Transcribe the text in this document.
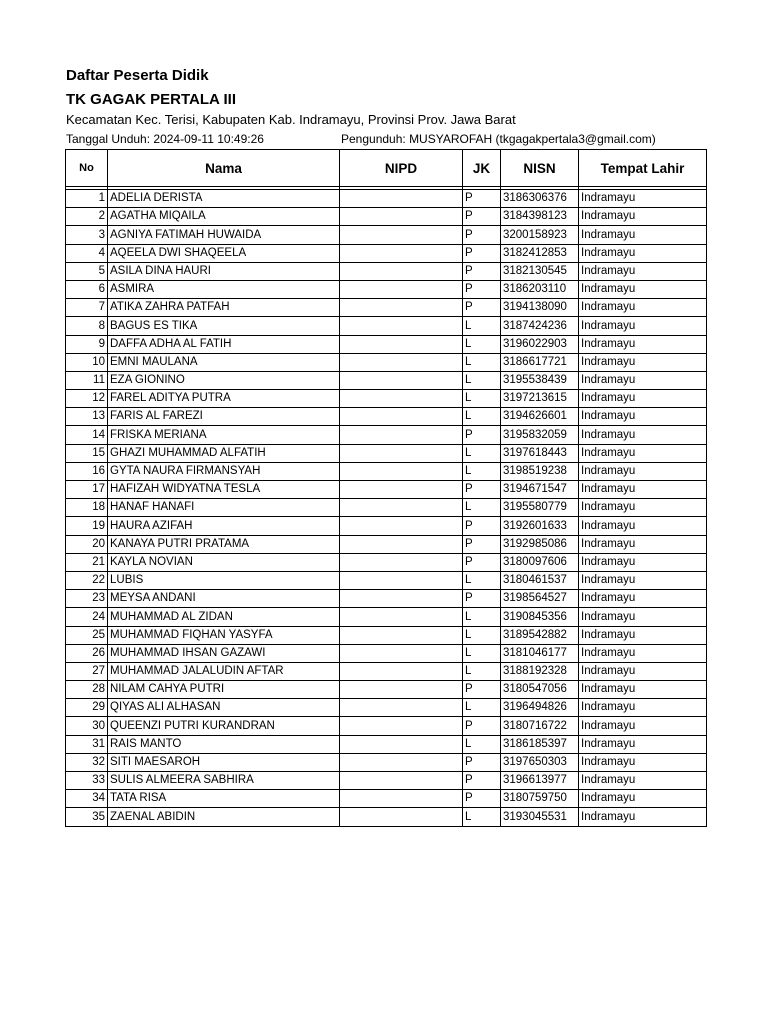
Daftar Peserta Didik
TK GAGAK PERTALA III
Kecamatan Kec. Terisi, Kabupaten Kab. Indramayu, Provinsi Prov. Jawa Barat
Tanggal Unduh: 2024-09-11 10:49:26	Pengunduh: MUSYAROFAH (tkgagakpertala3@gmail.com)
No	Nama	NIPD	JK	NISN	Tempat Lahir

1	ADELIA DERISTA		P	3186306376	Indramayu
2	AGATHA MIQAILA		P	3184398123	Indramayu
3	AGNIYA FATIMAH HUWAIDA		P	3200158923	Indramayu
4	AQEELA DWI SHAQEELA		P	3182412853	Indramayu
5	ASILA DINA HAURI		P	3182130545	Indramayu
6	ASMIRA		P	3186203110	Indramayu
7	ATIKA ZAHRA PATFAH		P	3194138090	Indramayu
8	BAGUS ES TIKA		L	3187424236	Indramayu
9	DAFFA ADHA AL FATIH		L	3196022903	Indramayu
10	EMNI MAULANA		L	3186617721	Indramayu
11	EZA GIONINO		L	3195538439	Indramayu
12	FAREL ADITYA PUTRA		L	3197213615	Indramayu
13	FARIS AL FAREZI		L	3194626601	Indramayu
14	FRISKA MERIANA		P	3195832059	Indramayu
15	GHAZI MUHAMMAD ALFATIH		L	3197618443	Indramayu
16	GYTA NAURA FIRMANSYAH		L	3198519238	Indramayu
17	HAFIZAH WIDYATNA TESLA		P	3194671547	Indramayu
18	HANAF HANAFI		L	3195580779	Indramayu
19	HAURA AZIFAH		P	3192601633	Indramayu
20	KANAYA PUTRI PRATAMA		P	3192985086	Indramayu
21	KAYLA NOVIAN		P	3180097606	Indramayu
22	LUBIS		L	3180461537	Indramayu
23	MEYSA ANDANI		P	3198564527	Indramayu
24	MUHAMMAD AL ZIDAN		L	3190845356	Indramayu
25	MUHAMMAD FIQHAN YASYFA		L	3189542882	Indramayu
26	MUHAMMAD IHSAN GAZAWI		L	3181046177	Indramayu
27	MUHAMMAD JALALUDIN AFTAR		L	3188192328	Indramayu
28	NILAM CAHYA PUTRI		P	3180547056	Indramayu
29	QIYAS ALI ALHASAN		L	3196494826	Indramayu
30	QUEENZI PUTRI KURANDRAN		P	3180716722	Indramayu
31	RAIS MANTO		L	3186185397	Indramayu
32	SITI MAESAROH		P	3197650303	Indramayu
33	SULIS ALMEERA SABHIRA		P	3196613977	Indramayu
34	TATA RISA		P	3180759750	Indramayu
35	ZAENAL ABIDIN		L	3193045531	Indramayu
